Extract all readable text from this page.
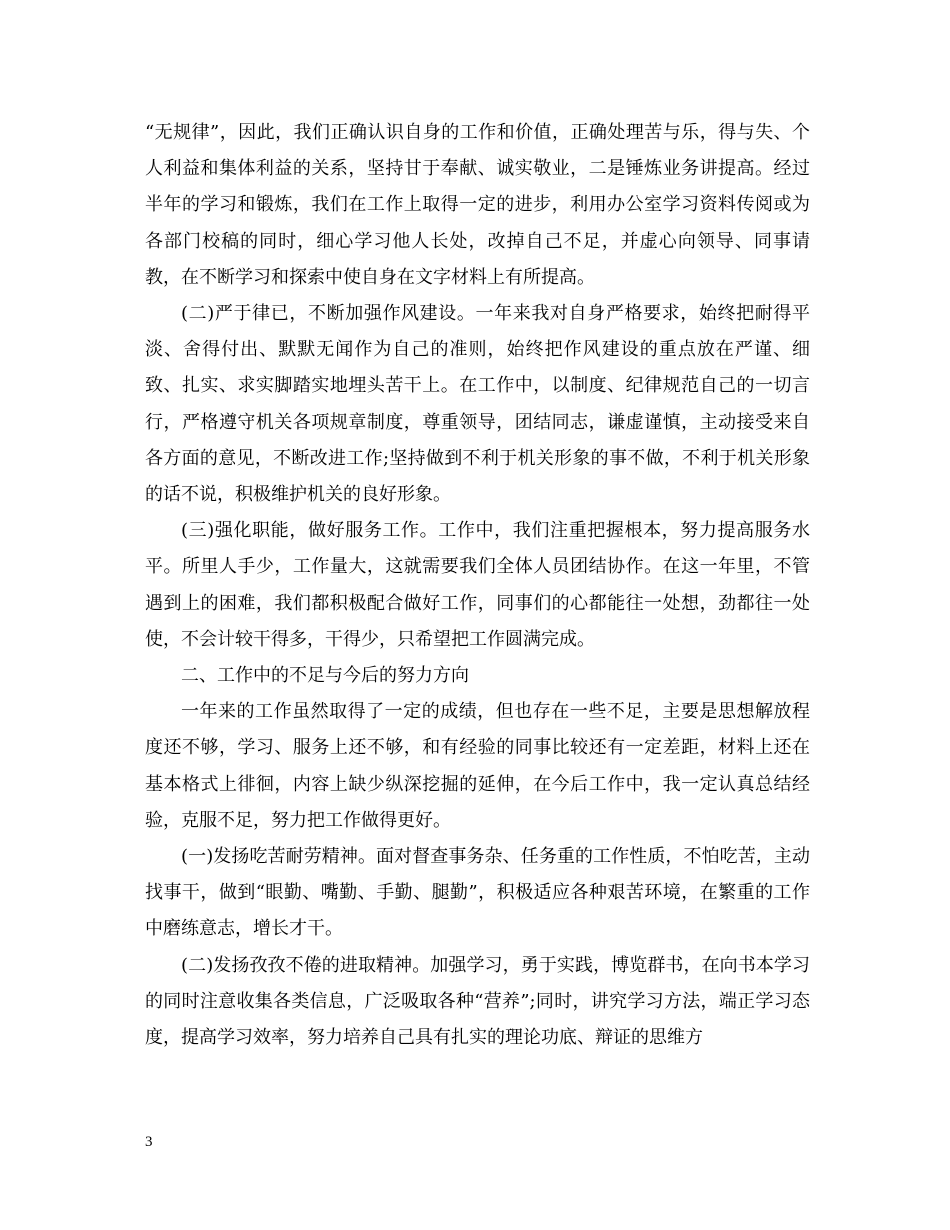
“无规律”，因此，我们正确认识自身的工作和价值，正确处理苦与乐，得与失、个人利益和集体利益的关系，坚持甘于奉献、诚实敬业，二是锤炼业务讲提高。经过半年的学习和锻炼，我们在工作上取得一定的进步，利用办公室学习资料传阅或为各部门校稿的同时，细心学习他人长处，改掉自己不足，并虚心向领导、同事请教，在不断学习和探索中使自身在文字材料上有所提高。

(二)严于律已，不断加强作风建设。一年来我对自身严格要求，始终把耐得平淡、舍得付出、默默无闻作为自己的准则，始终把作风建设的重点放在严谨、细致、扎实、求实脚踏实地埋头苦干上。在工作中，以制度、纪律规范自己的一切言行，严格遵守机关各项规章制度，尊重领导，团结同志，谦虚谨慎，主动接受来自各方面的意见，不断改进工作;坚持做到不利于机关形象的事不做，不利于机关形象的话不说，积极维护机关的良好形象。

(三)强化职能，做好服务工作。工作中，我们注重把握根本，努力提高服务水平。所里人手少，工作量大，这就需要我们全体人员团结协作。在这一年里，不管遇到上的困难，我们都积极配合做好工作，同事们的心都能往一处想，劲都往一处使，不会计较干得多，干得少，只希望把工作圆满完成。

二、工作中的不足与今后的努力方向

一年来的工作虽然取得了一定的成绩，但也存在一些不足，主要是思想解放程度还不够，学习、服务上还不够，和有经验的同事比较还有一定差距，材料上还在基本格式上徘徊，内容上缺少纵深挖掘的延伸，在今后工作中，我一定认真总结经验，克服不足，努力把工作做得更好。

(一)发扬吃苦耐劳精神。面对督查事务杂、任务重的工作性质，不怕吃苦，主动找事干，做到“眼勤、嘴勤、手勤、腿勤”，积极适应各种艰苦环境，在繁重的工作中磨练意志，增长才干。

(二)发扬孜孜不倦的进取精神。加强学习，勇于实践，博览群书，在向书本学习的同时注意收集各类信息，广泛吸取各种“营养”;同时，讲究学习方法，端正学习态度，提高学习效率，努力培养自己具有扎实的理论功底、辩证的思维方

3
